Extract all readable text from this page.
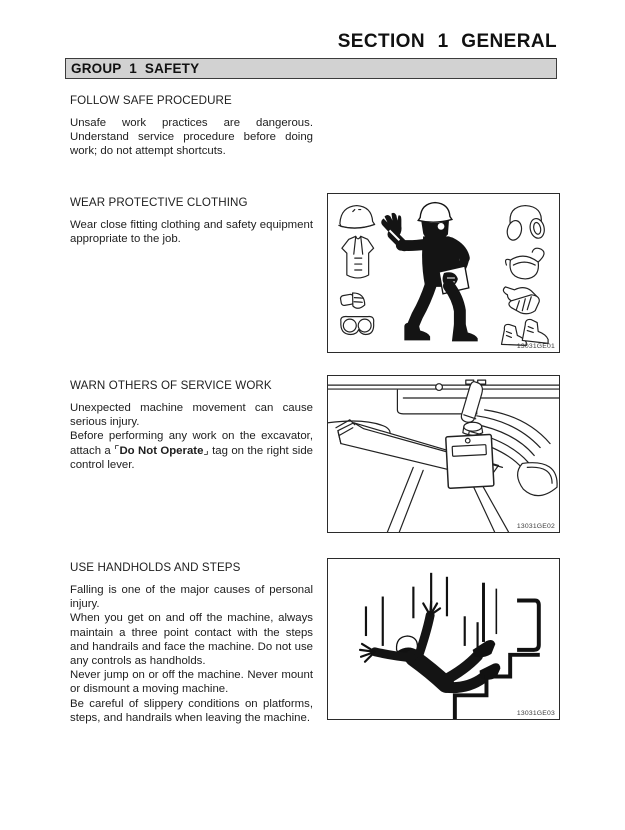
SECTION 1 GENERAL
GROUP 1 SAFETY
FOLLOW SAFE PROCEDURE
Unsafe work practices are dangerous. Understand service procedure before doing work; do not attempt shortcuts.
WEAR PROTECTIVE CLOTHING
Wear close fitting clothing and safety equipment appropriate to the job.
13031GE01
WARN OTHERS OF SERVICE WORK
Unexpected machine movement can cause serious injury.
Before performing any work on the excavator, attach a ⌜Do Not Operate⌟ tag on the right side control lever.
13031GE02
USE HANDHOLDS AND STEPS
Falling is one of the major causes of personal injury.
When you get on and off the machine, always maintain a three point contact with the steps and handrails and face the machine. Do not use any controls as handholds.
Never jump on or off the machine. Never mount or dismount a moving machine.
Be careful of slippery conditions on platforms, steps, and handrails when leaving the machine.	13031GE03
